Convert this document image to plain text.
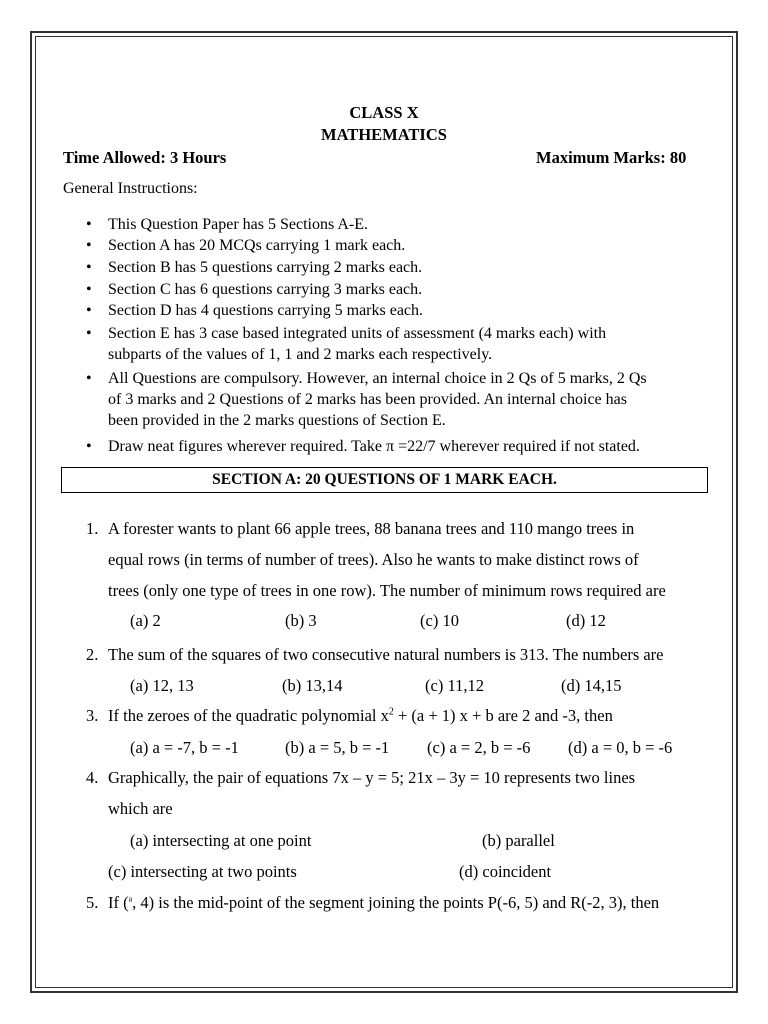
CLASS X
MATHEMATICS
Time Allowed: 3 Hours	Maximum Marks: 80
General Instructions:
• This Question Paper has 5 Sections A-E.
• Section A has 20 MCQs carrying 1 mark each.
• Section B has 5 questions carrying 2 marks each.
• Section C has 6 questions carrying 3 marks each.
• Section D has 4 questions carrying 5 marks each.
• Section E has 3 case based integrated units of assessment (4 marks each) with
subparts of the values of 1, 1 and 2 marks each respectively.
• All Questions are compulsory. However, an internal choice in 2 Qs of 5 marks, 2 Qs
of 3 marks and 2 Questions of 2 marks has been provided. An internal choice has
been provided in the 2 marks questions of Section E.
• Draw neat figures wherever required. Take π =22/7 wherever required if not stated.
SECTION A: 20 QUESTIONS OF 1 MARK EACH.
1. A forester wants to plant 66 apple trees, 88 banana trees and 110 mango trees in
equal rows (in terms of number of trees). Also he wants to make distinct rows of
trees (only one type of trees in one row). The number of minimum rows required are
(a) 2	(b) 3	(c) 10	(d) 12
2. The sum of the squares of two consecutive natural numbers is 313. The numbers are
(a) 12, 13	(b) 13,14	(c) 11,12	(d) 14,15
3. If the zeroes of the quadratic polynomial $x^2 + (a + 1) x + b$ are 2 and -3, then
(a) a = -7, b = -1	(b) a = 5, b = -1 (c) a = 2, b = -6 (d) a = 0, b = -6
4. Graphically, the pair of equations 7x – y = 5; 21x – 3y = 10 represents two lines
which are
(a) intersecting at one point	(b) parallel
(c) intersecting at two points	(d) coincident
5. If ($^a$, 4) is the mid-point of the segment joining the points P(-6, 5) and R(-2, 3), then
